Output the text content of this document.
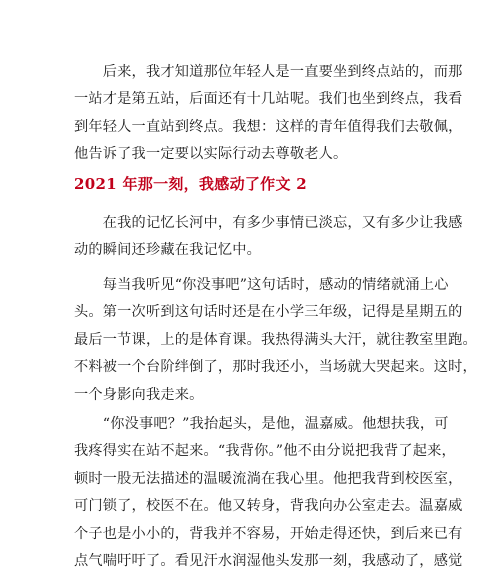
　　后来，我才知道那位年轻人是一直要坐到终点站的，而那
一站才是第五站，后面还有十几站呢。我们也坐到终点，我看
到年轻人一直站到终点。我想：这样的青年值得我们去敬佩，
他告诉了我一定要以实际行动去尊敬老人。
2021 年那一刻，我感动了作文 2
　　在我的记忆长河中，有多少事情已淡忘，又有多少让我感
动的瞬间还珍藏在我记忆中。
　　每当我听见“你没事吧”这句话时，感动的情绪就涌上心
头。第一次听到这句话时还是在小学三年级，记得是星期五的
最后一节课，上的是体育课。我热得满头大汗，就往教室里跑。
不料被一个台阶绊倒了，那时我还小，当场就大哭起来。这时，
一个身影向我走来。
　　“你没事吧？”我抬起头，是他，温嘉威。他想扶我，可
我疼得实在站不起来。“我背你。”他不由分说把我背了起来，
顿时一股无法描述的温暖流淌在我心里。他把我背到校医室，
可门锁了，校医不在。他又转身，背我向办公室走去。温嘉威
个子也是小小的，背我并不容易，开始走得还快，到后来已有
点气喘吁吁了。看见汗水润湿他头发那一刻，我感动了，感觉
